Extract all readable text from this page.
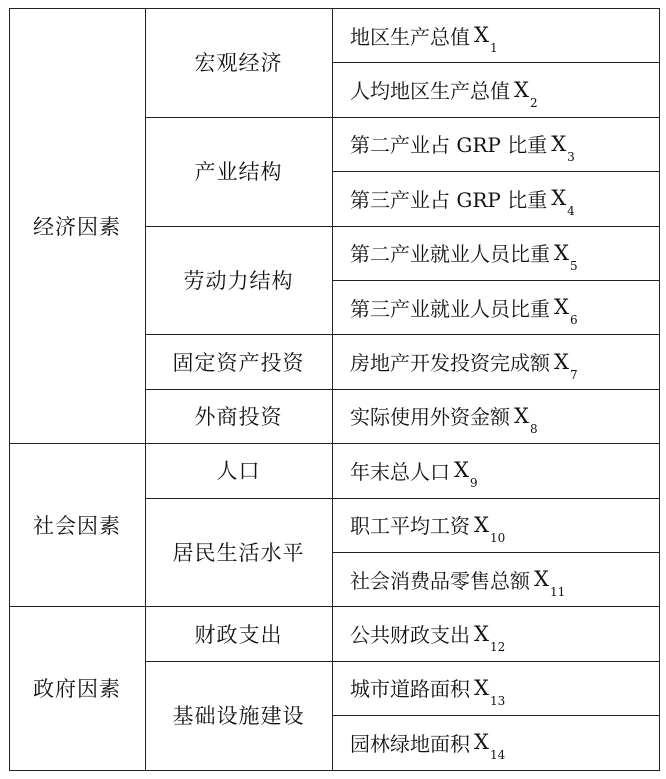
地区生产总值 $X_1$
人均地区生产总值 $X_2$
宏观经济
第二产业占 GRP 比重 $X_3$
第三产业占 GRP 比重 $X_4$
产业结构
第二产业就业人员比重 $X_5$
第三产业就业人员比重 $X_6$
劳动力结构
房地产开发投资完成额 $X_7$
固定资产投资
实际使用外资金额 $X_8$
外商投资
经济因素
年末总人口 $X_9$
人口
职工平均工资 $X_{10}$
社会消费品零售总额 $X_{11}$
居民生活水平
社会因素
公共财政支出 $X_{12}$
财政支出
城市道路面积 $X_{13}$
园林绿地面积 $X_{14}$
基础设施建设
政府因素
